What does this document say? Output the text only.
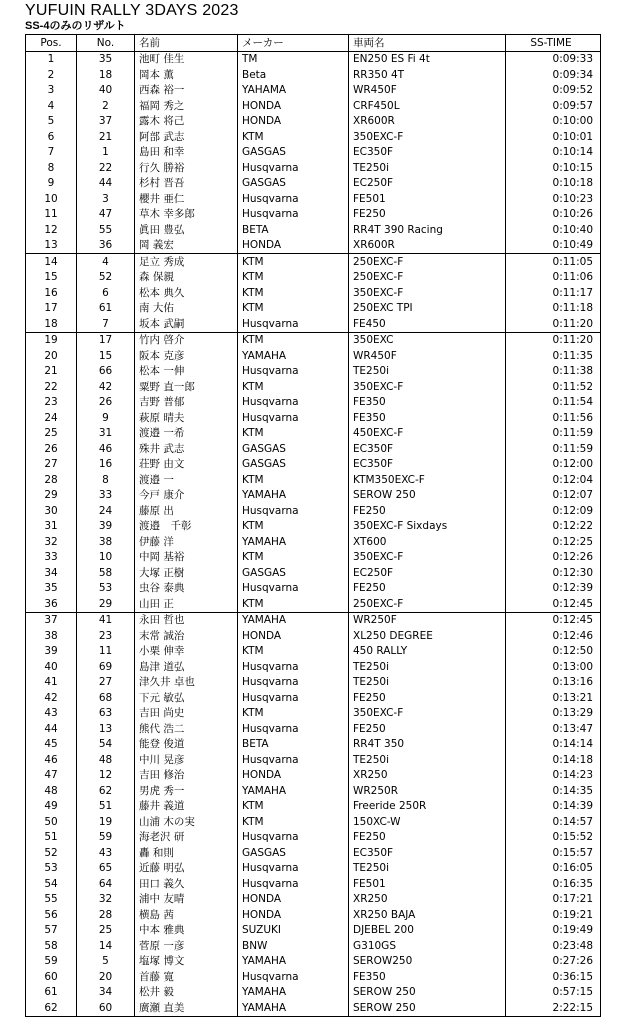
YUFUIN RALLY 3DAYS 2023
SS-4のみのリザルト
Pos.	No.	名前	メーカー	車両名	SS-TIME
1	35	池町 佳生	TM	EN250 ES Fi 4t	0:09:33
2	18	岡本 薫	Beta	RR350 4T	0:09:34
3	40	西森 裕一	YAHAMA	WR450F	0:09:52
4	2	福岡 秀之	HONDA	CRF450L	0:09:57
5	37	露木 将己	HONDA	XR600R	0:10:00
6	21	阿部 武志	KTM	350EXC-F	0:10:01
7	1	島田 和幸	GASGAS	EC350F	0:10:14
8	22	行久 勝裕	Husqvarna	TE250i	0:10:15
9	44	杉村 晋吾	GASGAS	EC250F	0:10:18
10	3	櫻井 亜仁	Husqvarna	FE501	0:10:23
11	47	草木 幸多郎	Husqvarna	FE250	0:10:26
12	55	眞田 豊弘	BETA	RR4T 390 Racing	0:10:40
13	36	岡 義宏	HONDA	XR600R	0:10:49
14	4	足立 秀成	KTM	250EXC-F	0:11:05
15	52	森 保親	KTM	250EXC-F	0:11:06
16	6	松本 典久	KTM	350EXC-F	0:11:17
17	61	南 大佑	KTM	250EXC TPI	0:11:18
18	7	坂本 武嗣	Husqvarna	FE450	0:11:20
19	17	竹内 啓介	KTM	350EXC	0:11:20
20	15	阪本 克彦	YAMAHA	WR450F	0:11:35
21	66	松本 一伸	Husqvarna	TE250i	0:11:38
22	42	粟野 直一郎	KTM	350EXC-F	0:11:52
23	26	吉野 普郁	Husqvarna	FE350	0:11:54
24	9	萩原 晴夫	Husqvarna	FE350	0:11:56
25	31	渡邉 一希	KTM	450EXC-F	0:11:59
26	46	殊井 武志	GASGAS	EC350F	0:11:59
27	16	荘野 由文	GASGAS	EC350F	0:12:00
28	8	渡邉 一	KTM	KTM350EXC-F	0:12:04
29	33	今戸 康介	YAMAHA	SEROW 250	0:12:07
30	24	藤原 出	Husqvarna	FE250	0:12:09
31	39	渡邉　千彰	KTM	350EXC-F Sixdays	0:12:22
32	38	伊藤 洋	YAMAHA	XT600	0:12:25
33	10	中岡 基裕	KTM	350EXC-F	0:12:26
34	58	大塚 正樹	GASGAS	EC250F	0:12:30
35	53	虫谷 泰典	Husqvarna	FE250	0:12:39
36	29	山田 正	KTM	250EXC-F	0:12:45
37	41	永田 哲也	YAMAHA	WR250F	0:12:45
38	23	末常 誠治	HONDA	XL250 DEGREE	0:12:46
39	11	小栗 伸幸	KTM	450 RALLY	0:12:50
40	69	島津 道弘	Husqvarna	TE250i	0:13:00
41	27	津久井 卓也	Husqvarna	TE250i	0:13:16
42	68	下元 敏弘	Husqvarna	FE250	0:13:21
43	63	吉田 尚史	KTM	350EXC-F	0:13:29
44	13	熊代 浩二	Husqvarna	FE250	0:13:47
45	54	能登 俊道	BETA	RR4T 350	0:14:14
46	48	中川 晃彦	Husqvarna	TE250i	0:14:18
47	12	吉田 修治	HONDA	XR250	0:14:23
48	62	男虎 秀一	YAMAHA	WR250R	0:14:35
49	51	藤井 義道	KTM	Freeride 250R	0:14:39
50	19	山浦 木の実	KTM	150XC-W	0:14:57
51	59	海老沢 研	Husqvarna	FE250	0:15:52
52	43	轟 和則	GASGAS	EC350F	0:15:57
53	65	近藤 明弘	Husqvarna	TE250i	0:16:05
54	64	田口 義久	Husqvarna	FE501	0:16:35
55	32	浦中 友晴	HONDA	XR250	0:17:21
56	28	横島 茜	HONDA	XR250 BAJA	0:19:21
57	25	中本 雅典	SUZUKI	DJEBEL 200	0:19:49
58	14	菅原 一彦	BNW	G310GS	0:23:48
59	5	塩塚 博文	YAMAHA	SEROW250	0:27:26
60	20	首藤 寛	Husqvarna	FE350	0:36:15
61	34	松井 毅	YAMAHA	SEROW 250	0:57:15
62	60	廣瀬 直美	YAMAHA	SEROW 250	2:22:15
